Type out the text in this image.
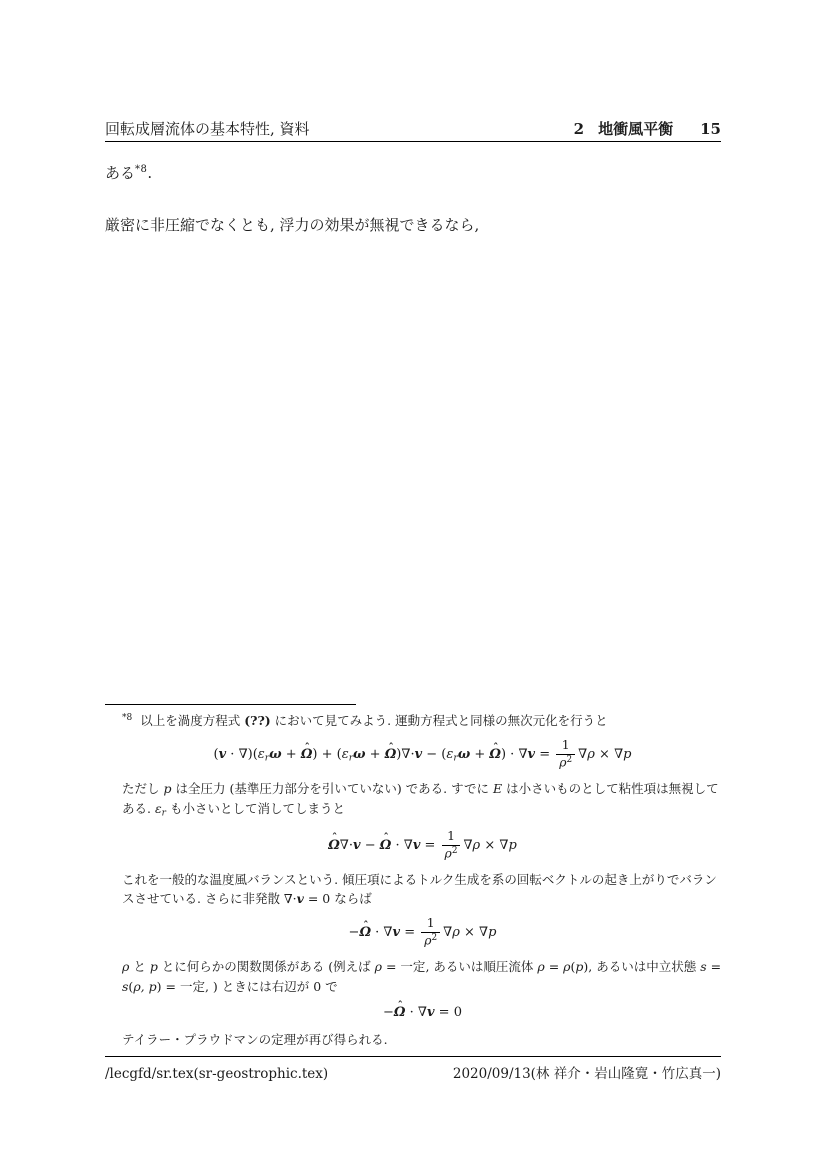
回転成層流体の基本特性, 資料	2 地衝風平衡 15

ある$^{*8}$.

厳密に非圧縮でなくとも, 浮力の効果が無視できるなら,

$^{*8}$ 以上を渦度方程式 (??) において見てみよう. 運動方程式と同様の無次元化を行うと
$(v \cdot \nabla)(\varepsilon_r\omega + \Omega$ ˆ) + ($\varepsilon_r\omega + \Omega$ ˆ)∇·v − ($\varepsilon_r\omega + \Omega$ ˆ) · $\nabla v = \frac{1}{\rho^2} \nabla\rho \times \nabla p$
ただし p は全圧力 (基準圧力部分を引いていない) である. すでに E は小さいものとして粘性項は無視してある. $\varepsilon_r$ も小さいとして消してしまうと
Ω ˆ∇·v − Ω ˆ · $\nabla v = \frac{1}{\rho^2} \nabla\rho \times \nabla p$
これを一般的な温度風バランスという. 傾圧項によるトルク生成を系の回転ベクトルの起き上がりでバランスさせている. さらに非発散 ∇·v = 0 ならば
−Ω ˆ · $\nabla v = \frac{1}{\rho^2} \nabla\rho \times \nabla p$
ρ と p とに何らかの関数関係がある (例えば ρ = 一定, あるいは順圧流体 ρ = ρ(p), あるいは中立状態 s = s(ρ, p) = 一定, ) ときには右辺が 0 で
−Ω ˆ · ∇v = 0
テイラー・プラウドマンの定理が再び得られる.
/lecgfd/sr.tex(sr-geostrophic.tex)	2020/09/13(林 祥介・岩山隆寛・竹広真一)
